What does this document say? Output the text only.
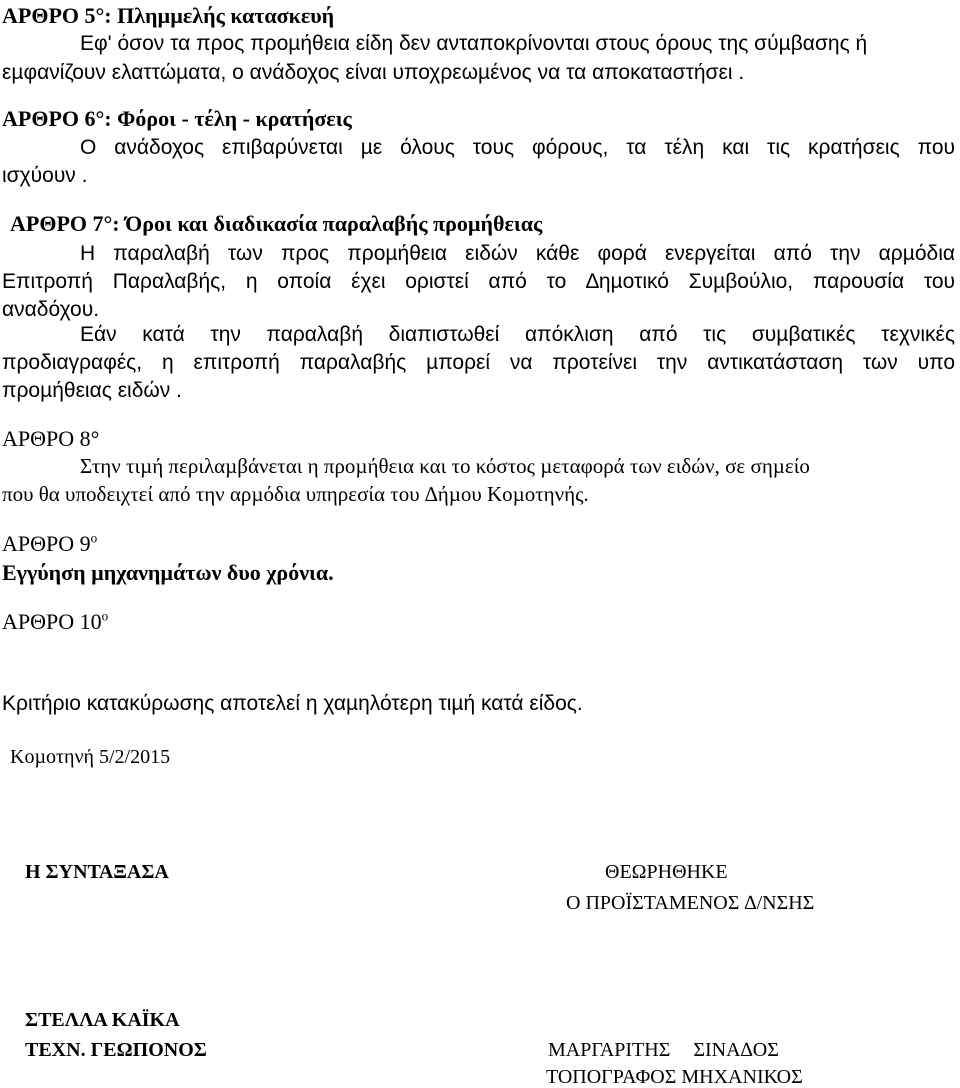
ΑΡΘΡΟ 5°: Πληµµελής κατασκευή
Εφ' όσον τα προς προµήθεια είδη δεν ανταποκρίνονται στους όρους της σύµβασης ή
εµφανίζουν ελαττώµατα, ο ανάδοχος είναι υποχρεωµένος να τα αποκαταστήσει .
ΑΡΘΡΟ 6°: Φόροι - τέλη - κρατήσεις
Ο ανάδοχος επιβαρύνεται µε όλους τους φόρους, τα τέλη και τις κρατήσεις που
ισχύουν .
ΑΡΘΡΟ 7°: Όροι και διαδικασία παραλαβής προµήθειας
Η παραλαβή των προς προµήθεια ειδών κάθε φορά ενεργείται από την αρµόδια
Επιτροπή Παραλαβής, η οποία έχει οριστεί από το ∆ηµοτικό Συµβούλιο, παρουσία του
αναδόχου.
Εάν κατά την παραλαβή διαπιστωθεί απόκλιση από τις συµβατικές τεχνικές
προδιαγραφές, η επιτροπή παραλαβής µπορεί να προτείνει την αντικατάσταση των υπο
προµήθειας ειδών .
ΑΡΘΡΟ 8°
Στην τιµή περιλαµβάνεται η προµήθεια και το κόστος µεταφορά των ειδών, σε σηµείο
που θα υποδειχτεί από την αρµόδια υπηρεσία του ∆ήµου Κοµοτηνής.
ΑΡΘΡΟ $9^o$
Εγγύηση µηχανηµάτων δυο χρόνια.
ΑΡΘΡΟ $10^o$
Κριτήριο κατακύρωσης αποτελεί η χαµηλότερη τιµή κατά είδος.
Κοµοτηνή 5/2/2015
Η ΣΥΝΤΑΞΑΣΑ	ΘΕΩΡΗΘΗΚΕ
Ο ΠΡΟΪΣΤΑΜΕΝΟΣ ∆/ΝΣΗΣ
ΣΤΕΛΛΑ ΚΑΪΚΑ
ΤΕΧΝ. ΓΕΩΠΟΝΟΣ	ΜΑΡΓΑΡΙΤΗΣ ΣΙΝΑ∆ΟΣ
ΤΟΠΟΓΡΑΦΟΣ ΜΗΧΑΝΙΚΟΣ
